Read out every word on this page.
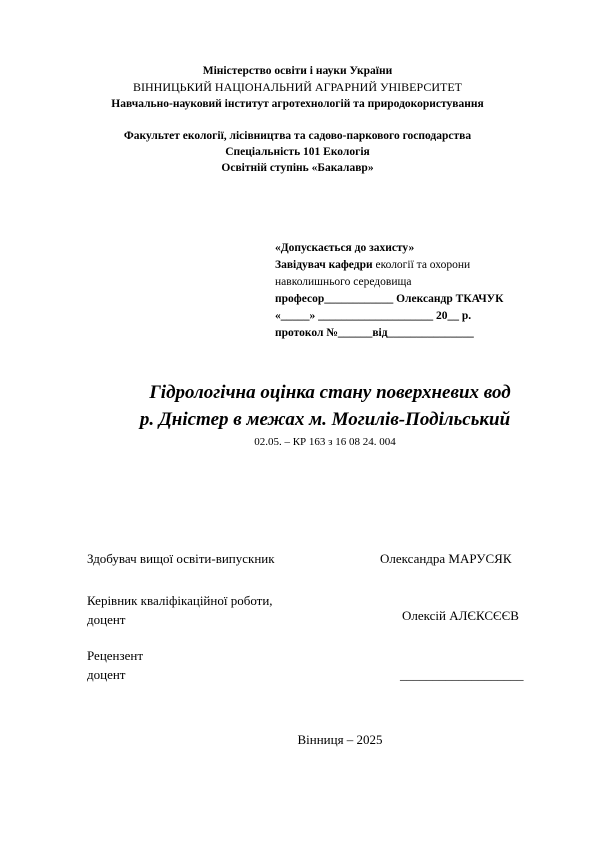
Міністерство освіти і науки України
ВІННИЦЬКИЙ НАЦІОНАЛЬНИЙ АГРАРНИЙ УНІВЕРСИТЕТ
Навчально-науковий інститут агротехнологій та природокористування
Факультет екології, лісівництва та садово-паркового господарства
Спеціальність 101 Екологія
Освітній ступінь «Бакалавр»
«Допускається до захисту»
Завідувач кафедри екології та охорони
навколишнього середовища
професор____________ Олександр ТКАЧУК
«_____» ____________________ 20__ р.
протокол №______від_______________
Гідрологічна оцінка стану поверхневих вод
р. Дністер в межах м. Могилів-Подільський
02.05. – КР 163 з 16 08 24. 004
Здобувач вищої освіти-випускник	Олександра МАРУСЯК
Керівник кваліфікаційної роботи,
доцент	Олексій АЛЄКСЄЄВ
Рецензент
доцент	___________________
Вінниця – 2025
